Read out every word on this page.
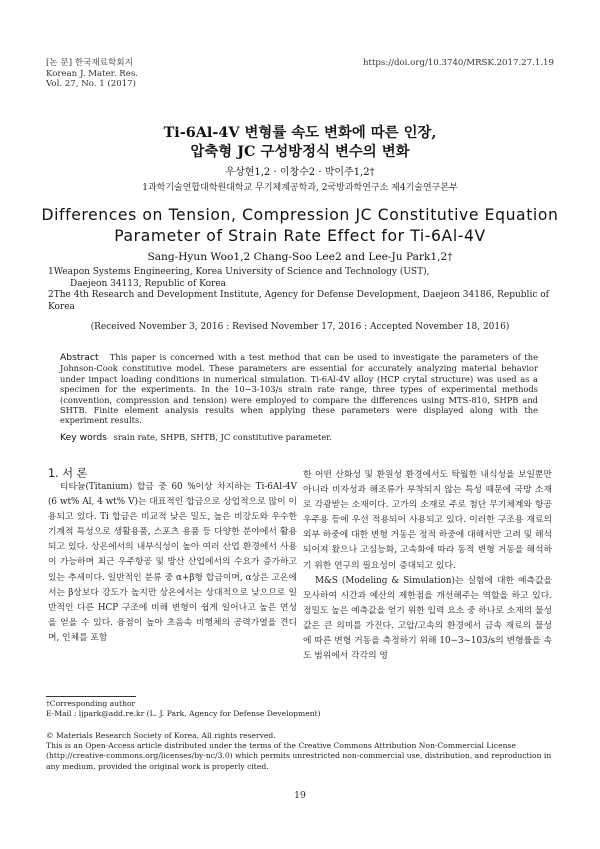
[논 문] 한국재료학회지
Korean J. Mater. Res.
Vol. 27, No. 1 (2017)
https://doi.org/10.3740/MRSK.2017.27.1.19
Ti-6Al-4V 변형률 속도 변화에 따른 인장,
압축형 JC 구성방정식 변수의 변화
우상현1,2 · 이창수2 · 박이주1,2†
1과학기술연합대학원대학교 무기체계공학과, 2국방과학연구소 제4기술연구본부
Differences on Tension, Compression JC Constitutive Equation
Parameter of Strain Rate Effect for Ti-6Al-4V
Sang-Hyun Woo1,2 Chang-Soo Lee2 and Lee-Ju Park1,2†
1Weapon Systems Engineering, Korea University of Science and Technology (UST),
Daejeon 34113, Republic of Korea
2The 4th Research and Development Institute, Agency for Defense Development, Daejeon 34186, Republic of Korea
(Received November 3, 2016 : Revised November 17, 2016 : Accepted November 18, 2016)
Abstract This paper is concerned with a test method that can be used to investigate the parameters of the Johnson-Cook constitutive model. These parameters are essential for accurately analyzing material behavior under impact loading conditions in numerical simulation. Ti-6Al-4V alloy (HCP crytal structure) was used as a specimen for the experiments. In the 10−3-103/s strain rate range, three types of experimental methods (convention, compression and tension) were employed to compare the differences using MTS-810, SHPB and SHTB. Finite element analysis results when applying these parameters were displayed along with the experiment results.
Key words srain rate, SHPB, SHTB, JC constitutive parameter.
1. 서 론

티타늄(Titanium) 합금 중 60 %이상 차지하는 Ti-6Al-4V (6 wt% Al, 4 wt% V)는 대표적인 합금으로 상업적으로 많이 이용되고 있다. Ti 합금은 비교적 낮은 밀도, 높은 비강도와 우수한 기계적 특성으로 생활용품, 스포츠 용품 등 다양한 분야에서 활용되고 있다. 상온에서의 내부식성이 높아 여러 산업 환경에서 사용이 가능하며 최근 우주항공 및 방산 산업에서의 수요가 증가하고 있는 추세이다. 일반적인 분류 중 α+β형 합금이며, α상은 고온에서는 β상보다 강도가 높지만 상온에서는 상대적으로 낮으므로 일반적인 다른 HCP 구조에 비해 변형이 쉽게 일어나고 높은 연성을 얻을 수 있다. 융점이 높아 초음속 비행체의 공력가열을 견디며, 인체를 포함

한 어떤 산화성 및 환원성 환경에서도 탁월한 내식성을 보일뿐만 아니라 비자성과 해조류가 부착되지 않는 특성 때문에 국방 소재로 각광받는 소재이다. 고가의 소재로 주로 첨단 무기체계와 항공 우주용 등에 우선 적용되어 사용되고 있다. 이러한 구조용 재료의 외부 하중에 대한 변형 거동은 정적 하중에 대해서만 고려 및 해석되어져 왔으나 고심능화, 고속화에 따라 동적 변형 거동을 해석하기 위한 연구의 필요성이 증대되고 있다.

M&S (Modeling & Simulation)는 실험에 대한 예측값을 모사하여 시간과 예산의 제한점을 개선해주는 역할을 하고 있다. 정밀도 높은 예측값을 얻기 위한 입력 요소 중 하나로 소재의 물성값은 큰 의미를 가진다. 고압/고속의 환경에서 금속 재료의 물성에 따른 변형 거동을 측정하기 위해 10−3~103/s의 변형률을 속도 범위에서 각각의 영

†Corresponding author
E-Mail : ljpark@add.re.kr (L. J. Park, Agency for Defense Development)
© Materials Research Society of Korea, All rights reserved.
This is an Open-Access article distributed under the terms of the Creative Commons Attribution Non-Commercial License (http://creative-commons.org/licenses/by-nc/3.0) which permits unrestricted non-commercial use, distribution, and reproduction in any medium, provided the original work is properly cited.
19
